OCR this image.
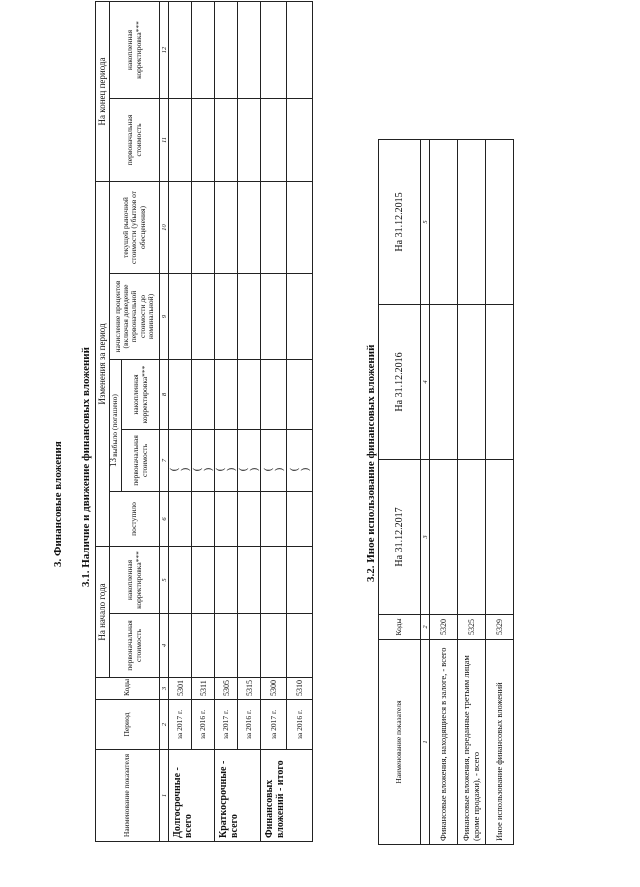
13
3. Финансовые вложения 3.1. Наличие и движение финансовых вложений
Наименование показателя	Период	Коды	На начало года		Изменения за период					На конец периода	
			первоначальная стоимость	накопленная корректировка***	поступило	выбыло (погашено)		начисление процентов (включая доведение первоначальной стоимости до номинальной)	текущей рыночной стоимости (убытков от обесценения)	первоначальная стоимость	накопленная корректировка***
						первоначальная стоимость	накопленная корректировка***				
1	2	3	4	5	6	7	8	9	10	11	12
Долгосрочные - всего	за 2017 г.	5301				( )					
	за 2016 г.	5311				( )					
Краткосрочные - всего	за 2017 г.	5305				( )					
	за 2016 г.	5315				( )					
Финансовых вложений - итого	за 2017 г.	5300				( )					
	за 2016 г.	5310				( )						3.2. Иное использование финансовых вложений
Наименование показателя	Коды	На 31.12.2017	На 31.12.2016	На 31.12.2015
1	2	3	4	5
Финансовые вложения, находящиеся в залоге, - всего	5320			
Финансовые вложения, переданные третьим лицам (кроме продажи), - всего	5325			
Иное использование финансовых вложений	5329			
